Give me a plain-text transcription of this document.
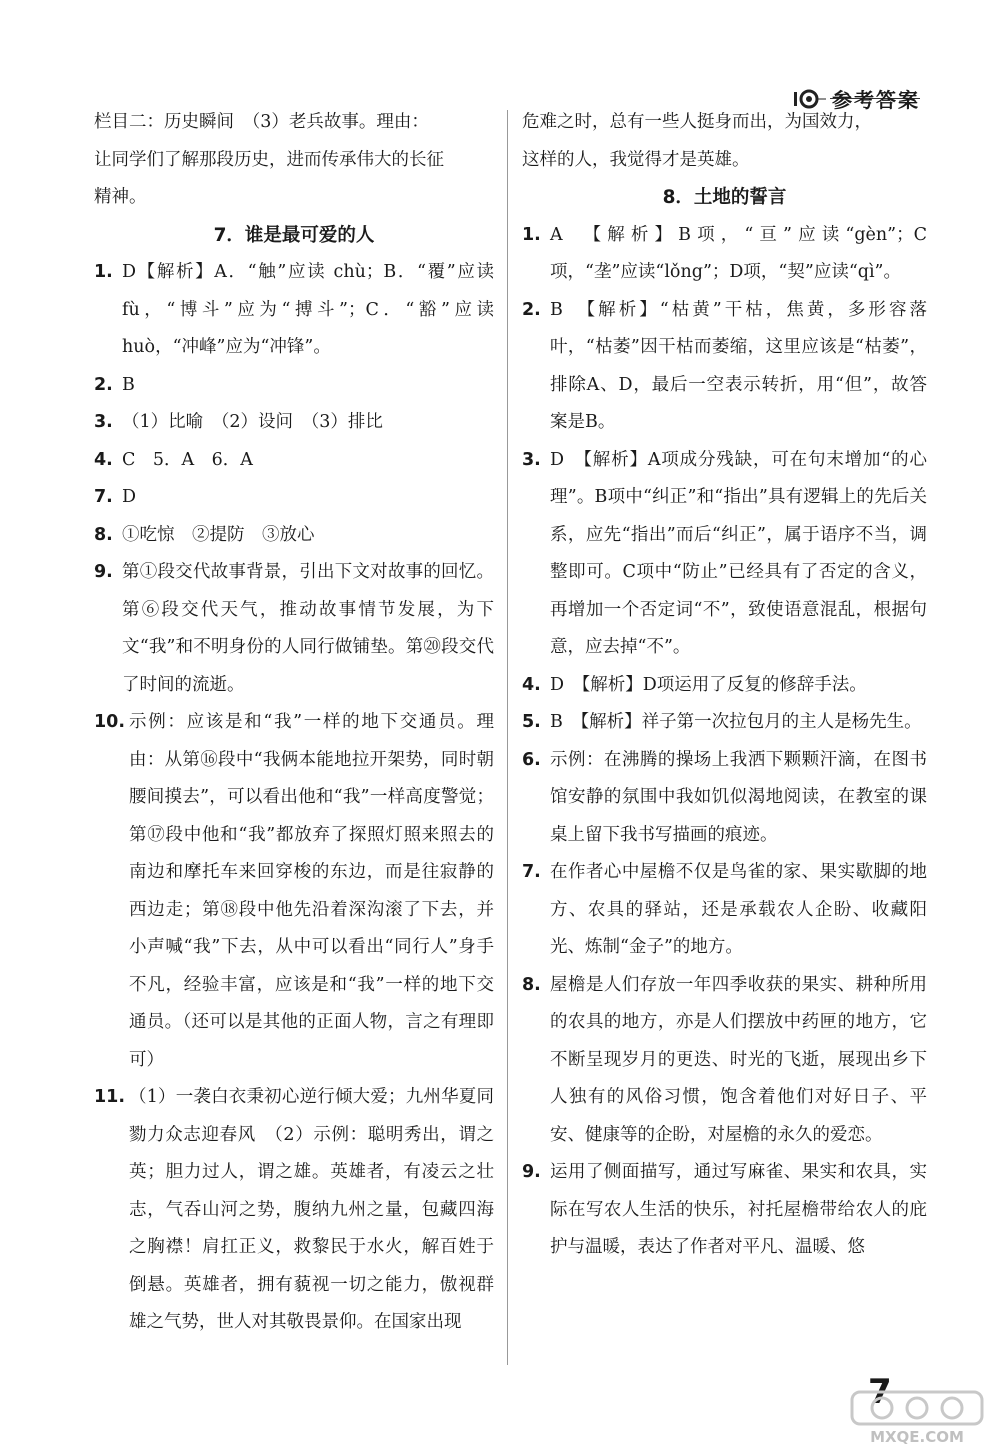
参考答案

栏目二：历史瞬间　（3）老兵故事。理由：

让同学们了解那段历史，进而传承伟大的长征

精神。

7．谁是最可爱的人
1. D【解析】A．“触”应读 chù；B．“覆”应读 fù，“博斗”应为“搏斗”；C．“豁”应读 huò，“冲峰”应为“冲锋”。
2. B
3. （1）比喻　（2）设问　（3）排比
4. C　5．A　6．A
7. D
8. ①吃惊　②提防　③放心
9. 第①段交代故事背景，引出下文对故事的回忆。第⑥段交代天气，推动故事情节发展，为下文“我”和不明身份的人同行做铺垫。第⑳段交代了时间的流逝。
10. 示例：应该是和“我”一样的地下交通员。理由：从第⑯段中“我俩本能地拉开架势，同时朝腰间摸去”，可以看出他和“我”一样高度警觉；第⑰段中他和“我”都放弃了探照灯照来照去的南边和摩托车来回穿梭的东边，而是往寂静的西边走；第⑱段中他先沿着深沟滚了下去，并小声喊“我”下去，从中可以看出“同行人”身手不凡，经验丰富，应该是和“我”一样的地下交通员。（还可以是其他的正面人物，言之有理即可）
11. （1）一袭白衣秉初心逆行倾大爱；九州华夏同勠力众志迎春风　（2）示例：聪明秀出，谓之英；胆力过人，谓之雄。英雄者，有凌云之壮志，气吞山河之势，腹纳九州之量，包藏四海之胸襟！肩扛正义，救黎民于水火，解百姓于倒悬。英雄者，拥有藐视一切之能力，傲视群雄之气势，世人对其敬畏景仰。在国家出现

危难之时，总有一些人挺身而出，为国效力，

这样的人，我觉得才是英雄。

8．土地的誓言
1. A　【解析】B项，“亘”应读“gèn”；C项，“垄”应读“lǒng”；D项，“契”应读“qì”。
2. B　【解析】“枯黄”干枯，焦黄，多形容落叶，“枯萎”因干枯而萎缩，这里应该是“枯萎”，排除A、D，最后一空表示转折，用“但”，故答案是B。
3. D　【解析】A项成分残缺，可在句末增加“的心理”。B项中“纠正”和“指出”具有逻辑上的先后关系，应先“指出”而后“纠正”，属于语序不当，调整即可。C项中“防止”已经具有了否定的含义，再增加一个否定词“不”，致使语意混乱，根据句意，应去掉“不”。
4. D　【解析】D项运用了反复的修辞手法。
5. B　【解析】祥子第一次拉包月的主人是杨先生。
6. 示例：在沸腾的操场上我洒下颗颗汗滴，在图书馆安静的氛围中我如饥似渴地阅读，在教室的课桌上留下我书写描画的痕迹。
7. 在作者心中屋檐不仅是鸟雀的家、果实歇脚的地方、农具的驿站，还是承载农人企盼、收藏阳光、炼制“金子”的地方。
8. 屋檐是人们存放一年四季收获的果实、耕种所用的农具的地方，亦是人们摆放中药匣的地方，它不断呈现岁月的更迭、时光的飞逝，展现出乡下人独有的风俗习惯，饱含着他们对好日子、平安、健康等的企盼，对屋檐的永久的爱恋。
9. 运用了侧面描写，通过写麻雀、果实和农具，实际在写农人生活的快乐，衬托屋檐带给农人的庇护与温暖，表达了作者对平凡、温暖、悠
7
MXQE.COM
